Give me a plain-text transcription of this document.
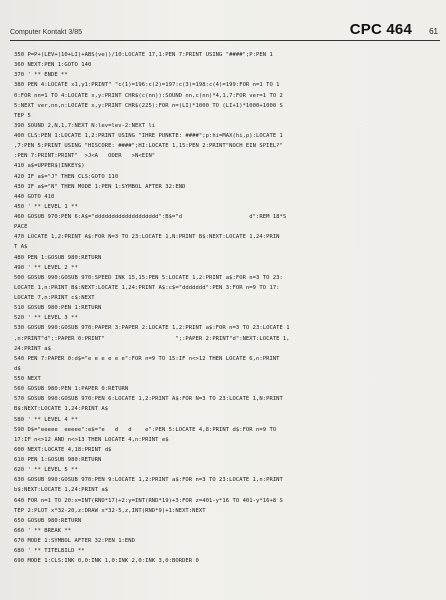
Computer Kontakt 3/85	CPC 464 61
350 P=P+(LEV+(10+LI)+ABS(ve))/10:LOCATE 17,1:PEN 7:PRINT USING "####";P:PEN 1
360 NEXT:PEN 1:GOTO 140
370 ' ** ENDE **
380 PEN 4:LOCATE x1,y1:PRINT" "c(1)=196:c(2)=197:c(3)=198:c(4)=199:FOR n=1 TO 1
0:FOR nn=1 TO 4:LOCATE x,y:PRINT CHR$(c(nn)):SOUND nn,c(nn)*4,1,7:FOR ver=1 TO 2
5:NEXT ver,nn,n:LOCATE x,y:PRINT CHR$(225):FOR n=(LI)*1000 TO (LI+1)*1000+1000 S
TEP 5
390 SOUND 2,N,1,7:NEXT N:lev=lev-2:NEXT li
400 CLS:PEN 1:LOCATE 1,2:PRINT USING "IHRE PUNKTE: ####";p:hi=MAX(hi,p):LOCATE 1
,7:PEN 5:PRINT USING "HISCORE: ####";HI:LOCATE 1,15:PEN 2:PRINT"NOCH EIN SPIEL?"
:PEN 7:PRINT:PRINT"  >J<A   ODER   >N<EIN"
410 a$=UPPER$(INKEY$)
420 IF a$="J" THEN CLS:GOTO 110
430 IF a$="N" THEN MODE 1:PEN 1:SYMBOL AFTER 32:END
440 GOTO 410
450 ' ** LEVEL 1 **
460 GOSUB 970:PEN 6:A$="ddddddddddddddddddd":B$="d                    d":REM 18*S
PACE
470 LOCATE 1,2:PRINT A$:FOR N=3 TO 23:LOCATE 1,N:PRINT B$:NEXT:LOCATE 1,24:PRIN
T A$
480 PEN 1:GOSUB 980:RETURN
490 ' ** LEVEL 2 **
500 GOSUB 990:GOSUB 970:SPEED INK 15,15:PEN 5:LOCATE 1,2:PRINT a$:FOR n=3 TO 23:
LOCATE 1,n:PRINT B$:NEXT:LOCATE 1,24:PRINT A$:c$="ddddddd":PEN 3:FOR n=9 TO 17:
LOCATE 7,n:PRINT c$:NEXT
510 GOSUB 980:PEN 1:RETURN
520 ' ** LEVEL 3 **
530 GOSUB 990:GOSUB 970:PAPER 3:PAPER 2:LOCATE 1,2:PRINT a$:FOR n=3 TO 23:LOCATE 1
,n:PRINT"d";:PAPER 0:PRINT"                     ";:PAPER 2:PRINT"d":NEXT:LOCATE 1,
24:PRINT a$
540 PEN 7:PAPER 0:d$="e e e e e e":FOR n=9 TO 15:IF n<>12 THEN LOCATE 6,n:PRINT
d$
550 NEXT
560 GOSUB 980:PEN 1:PAPER 0:RETURN
570 GOSUB 990:GOSUB 970:PEN 6:LOCATE 1,2:PRINT A$:FOR N=3 TO 23:LOCATE 1,N:PRINT
B$:NEXT:LOCATE 1,24:PRINT A$
580 ' ** LEVEL 4 **
590 D$="eeeee  eeeee":e$="e   d   d    e":PEN 5:LOCATE 4,8:PRINT d$:FOR n=9 TO
17:IF n<>12 AND n<>13 THEN LOCATE 4,n:PRINT e$
600 NEXT:LOCATE 4,18:PRINT d$
610 PEN 1:GOSUB 980:RETURN
620 ' ** LEVEL 5 **
630 GOSUB 990:GOSUB 970:PEN 9:LOCATE 1,2:PRINT a$:FOR n=3 TO 23:LOCATE 1,n:PRINT
b$:NEXT:LOCATE 1,24:PRINT a$
640 FOR n=1 TO 20:x=INT(RND*17)+2:y=INT(RND*19)+3:FOR z=401-y*16 TO 401-y*16+8 S
TEP 2:PLOT x*32-20,z:DRAW x*32-5,z,INT(RND*9)+1:NEXT:NEXT
650 GOSUB 980:RETURN
660 ' ** BREAK **
670 MODE 1:SYMBOL AFTER 32:PEN 1:END
680 ' ** TITELBILD **
690 MODE 1:CLS:INK 0,0:INK 1,0:INK 2,0:INK 3,0:BORDER 0
